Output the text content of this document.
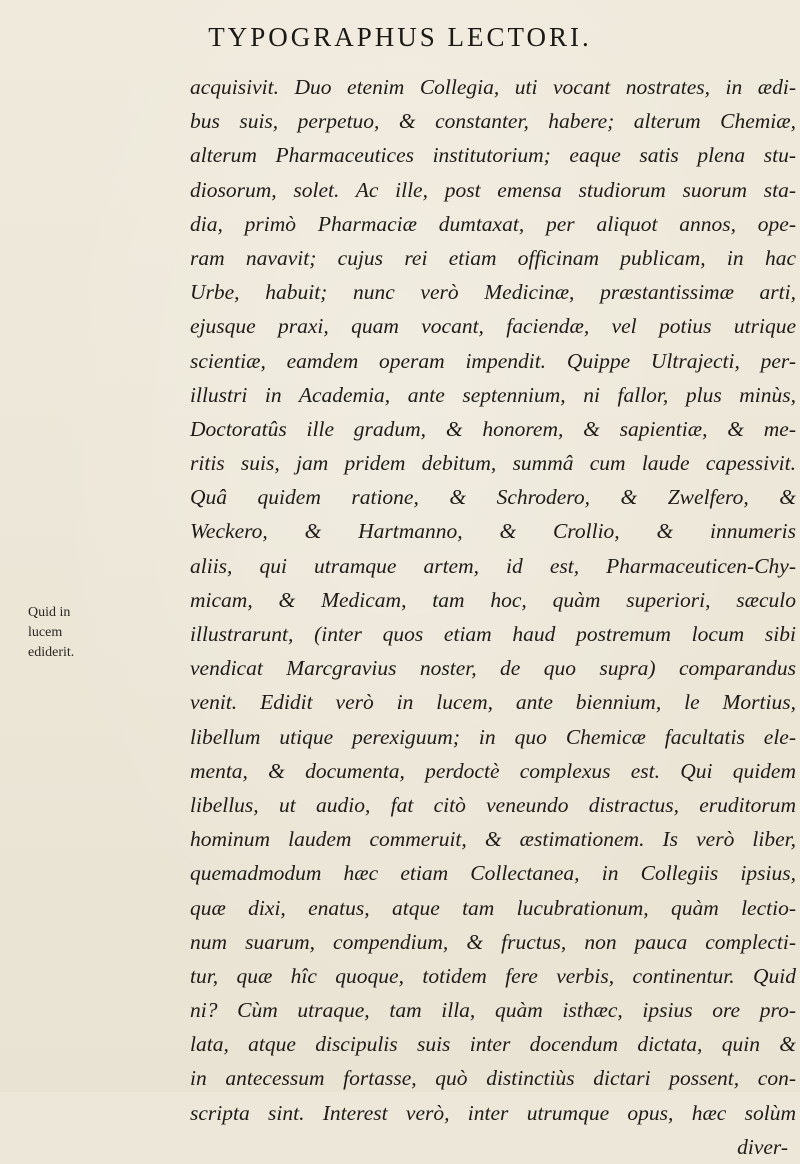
TYPOGRAPHUS LECTORI.
Quid in
lucem
ediderit.
acquisivit. Duo etenim Collegia, uti vocant nostrates, in ædi-
bus suis, perpetuo, & constanter, habere; alterum Chemiæ,
alterum Pharmaceutices institutorium; eaque satis plena stu-
diosorum, solet. Ac ille, post emensa studiorum suorum sta-
dia, primò Pharmaciæ dumtaxat, per aliquot annos, ope-
ram navavit; cujus rei etiam officinam publicam, in hac
Urbe, habuit; nunc verò Medicinæ, præstantissimæ arti,
ejusque praxi, quam vocant, faciendæ, vel potius utrique
scientiæ, eamdem operam impendit. Quippe Ultrajecti, per-
illustri in Academia, ante septennium, ni fallor, plus minùs,
Doctoratûs ille gradum, & honorem, & sapientiæ, & me-
ritis suis, jam pridem debitum, summâ cum laude capessivit.
Quâ quidem ratione, & Schrodero, & Zwelfero, &
Weckero, & Hartmanno, & Crollio, & innumeris
aliis, qui utramque artem, id est, Pharmaceuticen-Chy-
micam, & Medicam, tam hoc, quàm superiori, sæculo
illustrarunt, (inter quos etiam haud postremum locum sibi
vendicat Marcgravius noster, de quo supra) comparandus
venit. Edidit verò in lucem, ante biennium, le Mortius,
libellum utique perexiguum; in quo Chemicæ facultatis ele-
menta, & documenta, perdoctè complexus est. Qui quidem
libellus, ut audio, fat citò veneundo distractus, eruditorum
hominum laudem commeruit, & æstimationem. Is verò liber,
quemadmodum hæc etiam Collectanea, in Collegiis ipsius,
quæ dixi, enatus, atque tam lucubrationum, quàm lectio-
num suarum, compendium, & fructus, non pauca complecti-
tur, quæ hîc quoque, totidem fere verbis, continentur. Quid
ni? Cùm utraque, tam illa, quàm isthæc, ipsius ore pro-
lata, atque discipulis suis inter docendum dictata, quin &
in antecessum fortasse, quò distinctiùs dictari possent, con-
scripta sint. Interest verò, inter utrumque opus, hæc solùm
diver-
